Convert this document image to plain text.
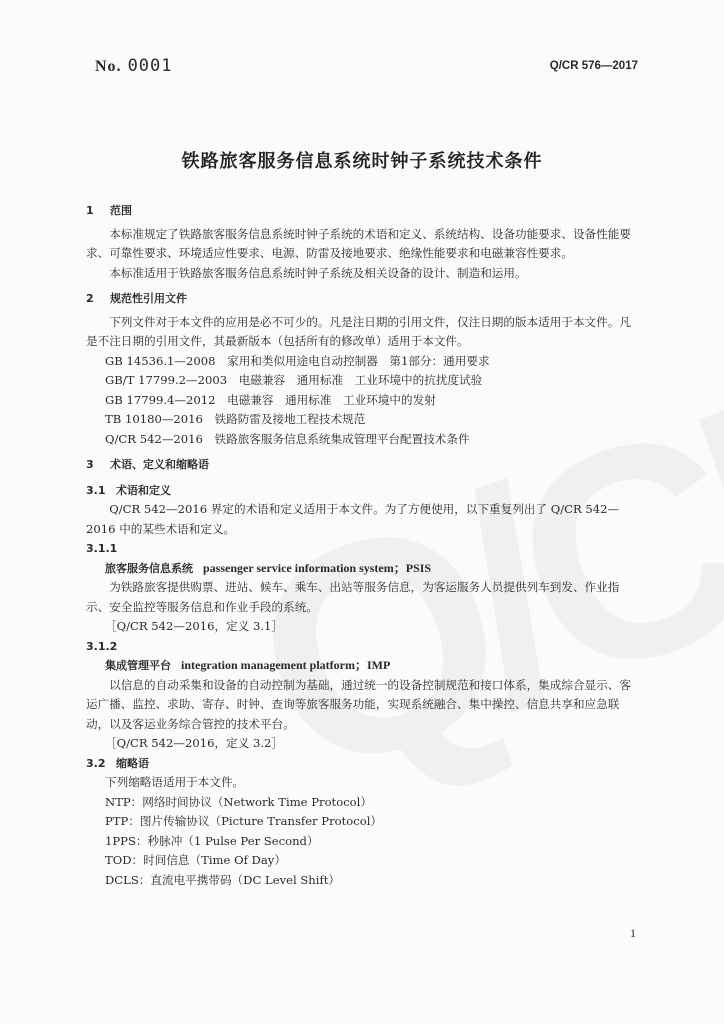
No. 0001	Q/CR 576—2017
铁路旅客服务信息系统时钟子系统技术条件
1 范围

本标准规定了铁路旅客服务信息系统时钟子系统的术语和定义、系统结构、设备功能要求、设备性能要求、可靠性要求、环境适应性要求、电源、防雷及接地要求、绝缘性能要求和电磁兼容性要求。

本标准适用于铁路旅客服务信息系统时钟子系统及相关设备的设计、制造和运用。

2 规范性引用文件

下列文件对于本文件的应用是必不可少的。凡是注日期的引用文件，仅注日期的版本适用于本文件。凡是不注日期的引用文件，其最新版本（包括所有的修改单）适用于本文件。

GB 14536.1—2008　家用和类似用途电自动控制器　第1部分：通用要求

GB/T 17799.2—2003　电磁兼容　通用标准　工业环境中的抗扰度试验

GB 17799.4—2012　电磁兼容　通用标准　工业环境中的发射

TB 10180—2016　铁路防雷及接地工程技术规范

Q/CR 542—2016　铁路旅客服务信息系统集成管理平台配置技术条件

3 术语、定义和缩略语
3.1 术语和定义

Q/CR 542—2016 界定的术语和定义适用于本文件。为了方便使用，以下重复列出了 Q/CR 542—2016 中的某些术语和定义。

3.1.1
旅客服务信息系统 passenger service information system；PSIS

为铁路旅客提供购票、进站、候车、乘车、出站等服务信息，为客运服务人员提供列车到发、作业指示、安全监控等服务信息和作业手段的系统。

［Q/CR 542—2016，定义 3.1］

3.1.2
集成管理平台 integration management platform；IMP

以信息的自动采集和设备的自动控制为基础，通过统一的设备控制规范和接口体系，集成综合显示、客运广播、监控、求助、寄存、时钟、查询等旅客服务功能，实现系统融合、集中操控、信息共享和应急联动，以及客运业务综合管控的技术平台。

［Q/CR 542—2016，定义 3.2］

3.2 缩略语

下列缩略语适用于本文件。

NTP：网络时间协议（Network Time Protocol）

PTP：图片传输协议（Picture Transfer Protocol）

1PPS：秒脉冲（1 Pulse Per Second）

TOD：时间信息（Time Of Day）

DCLS：直流电平携带码（DC Level Shift）

1
